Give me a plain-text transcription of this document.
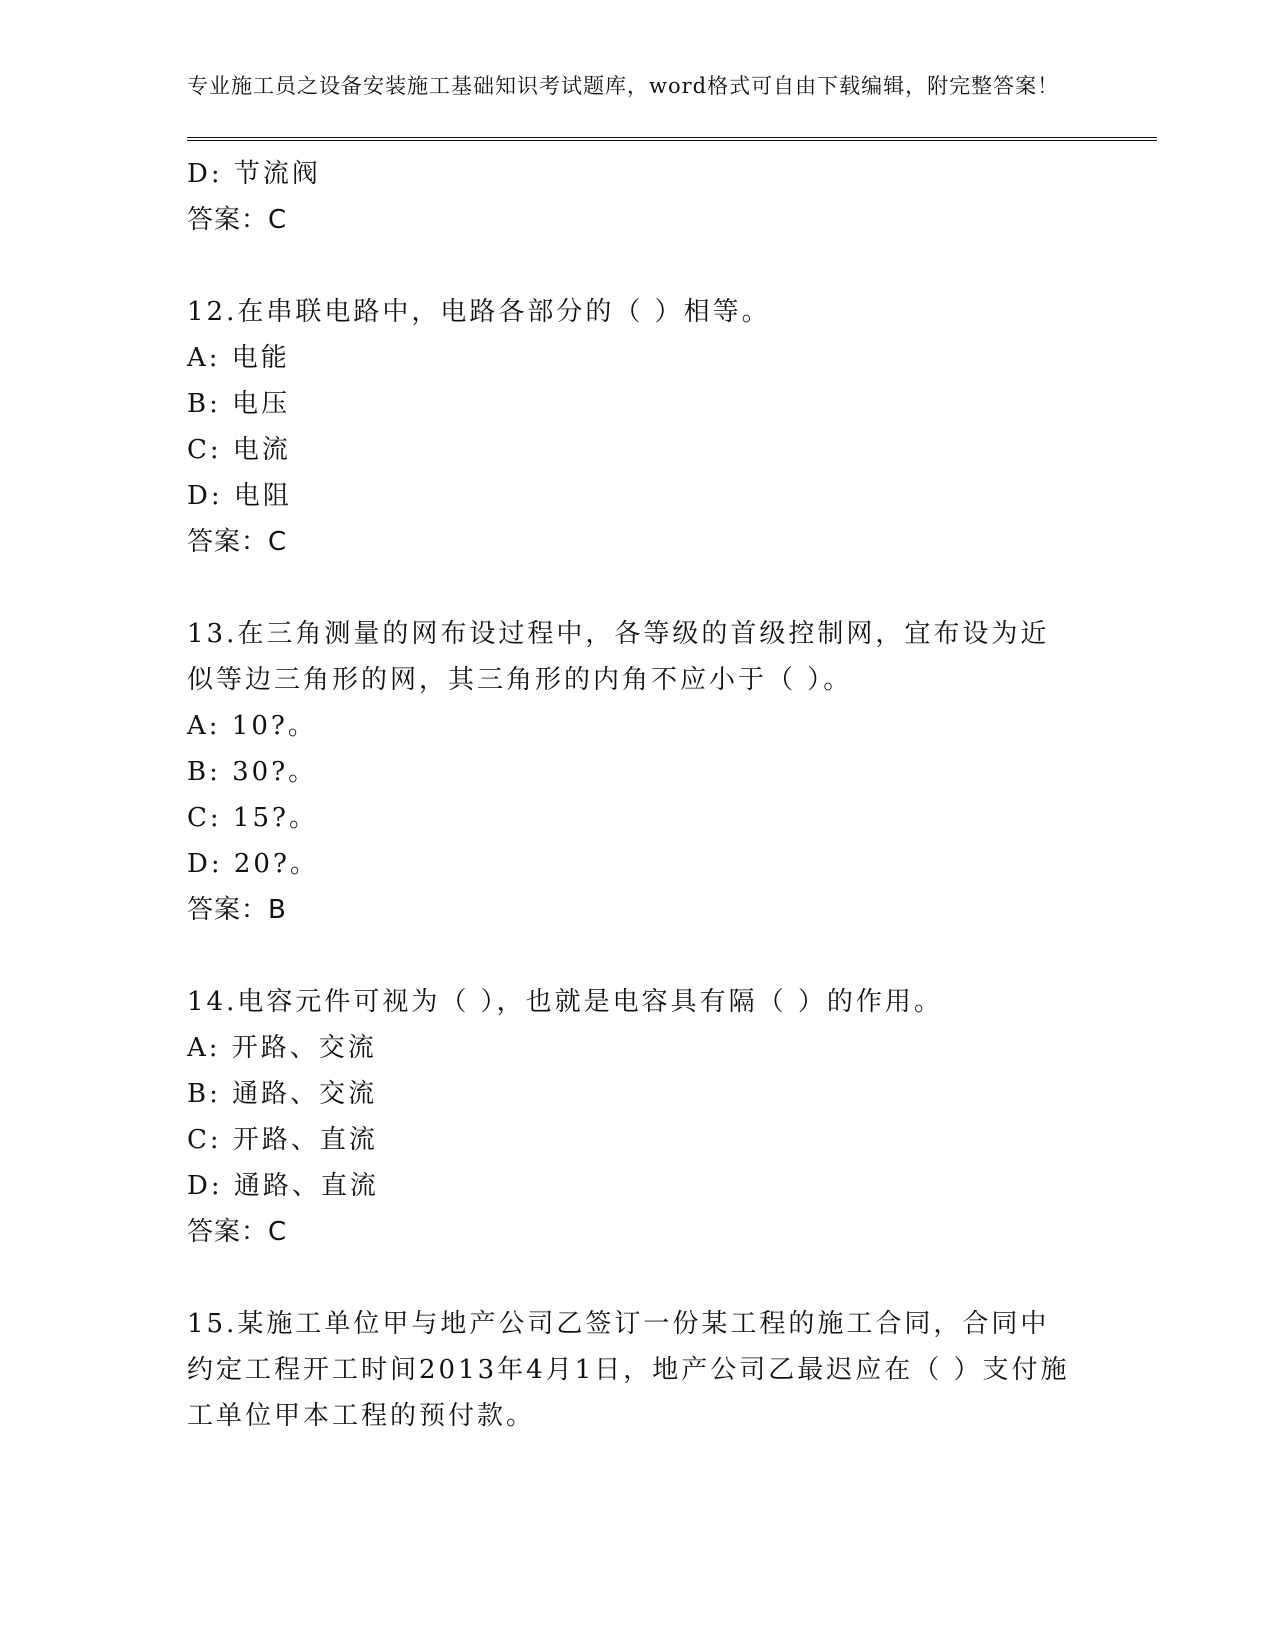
专业施工员之设备安装施工基础知识考试题库，word格式可自由下载编辑，附完整答案！
D: 节流阀
答案：C
12.在串联电路中，电路各部分的（ ）相等。
A: 电能
B: 电压
C: 电流
D: 电阻
答案：C
13.在三角测量的网布设过程中，各等级的首级控制网，宜布设为近似等边三角形的网，其三角形的内角不应小于（ ）。
A: 10?。
B: 30?。
C: 15?。
D: 20?。
答案：B
14.电容元件可视为（ ），也就是电容具有隔（ ）的作用。
A: 开路、交流
B: 通路、交流
C: 开路、直流
D: 通路、直流
答案：C
15.某施工单位甲与地产公司乙签订一份某工程的施工合同，合同中约定工程开工时间2013年4月1日，地产公司乙最迟应在（ ）支付施工单位甲本工程的预付款。
